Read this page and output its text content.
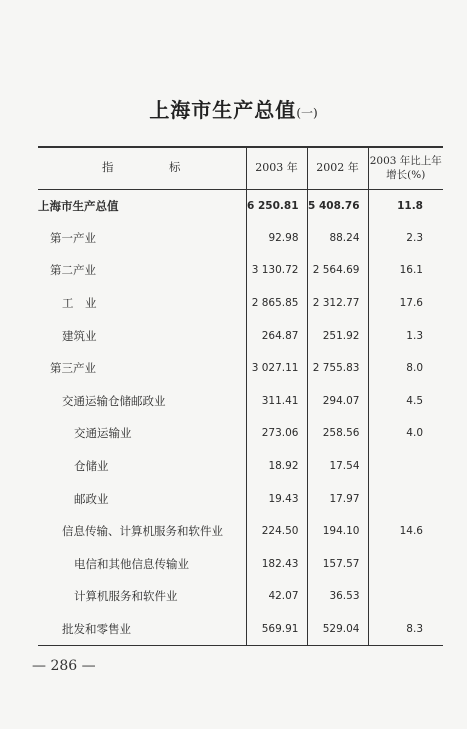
上海市生产总值(一)
指　标	2003 年	2002 年	2003 年比上年增长(%)
上海市生产总值	6 250.81	5 408.76	11.8
第一产业	92.98	88.24	2.3
第二产业	3 130.72	2 564.69	16.1
工　业	2 865.85	2 312.77	17.6
建筑业	264.87	251.92	1.3
第三产业	3 027.11	2 755.83	8.0
交通运输仓储邮政业	311.41	294.07	4.5
交通运输业	273.06	258.56	4.0
仓储业	18.92	17.54	
邮政业	19.43	17.97	
信息传输、计算机服务和软件业	224.50	194.10	14.6
电信和其他信息传输业	182.43	157.57	
计算机服务和软件业	42.07	36.53	
批发和零售业	569.91	529.04	8.3
— 286 —
